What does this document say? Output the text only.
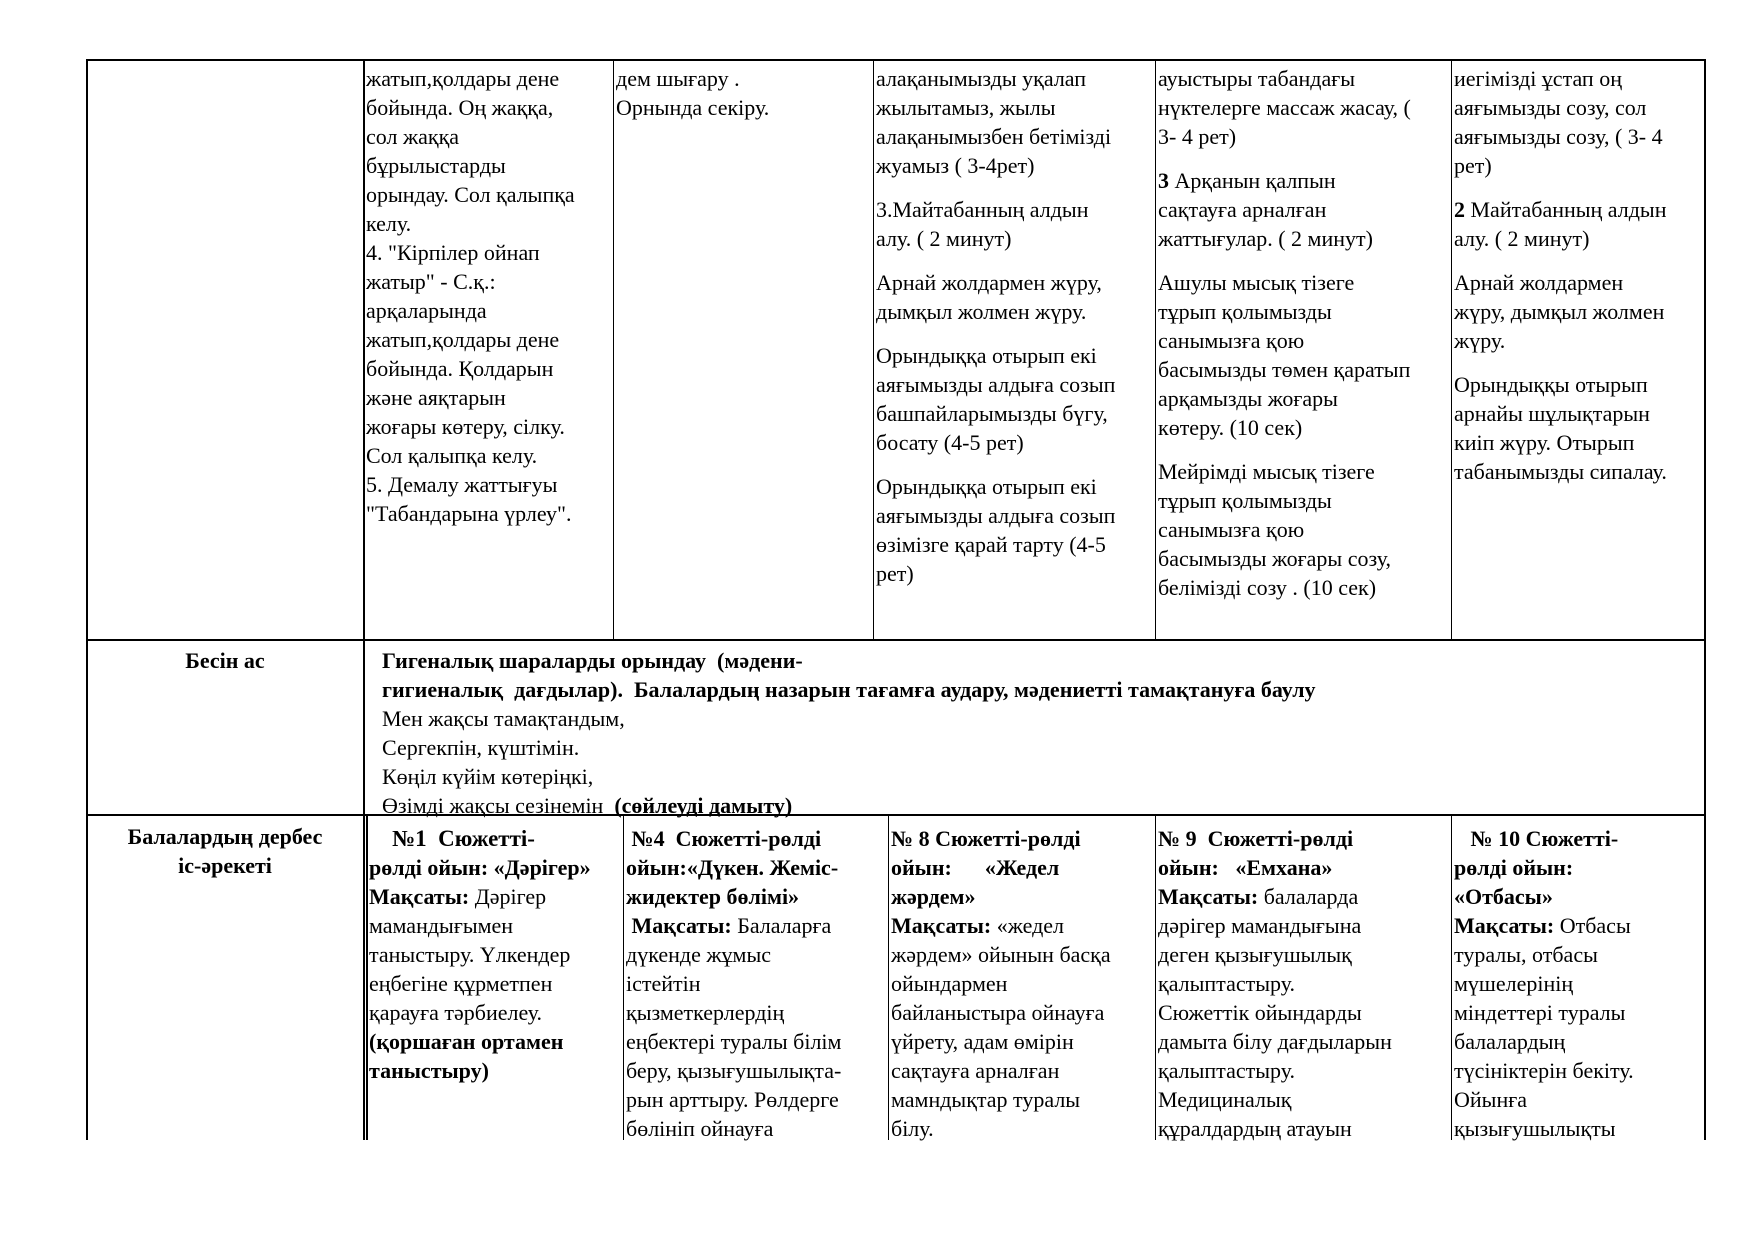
жатып,қолдары дене
бойында. Оң жаққа,
сол жаққа
бұрылыстарды
орындау. Сол қалыпқа
келу.
4. "Кірпілер ойнап
жатыр" - С.қ.:
арқаларында
жатып,қолдары дене
бойында. Қолдарын
және аяқтарын
жоғары көтеру, сілку.
Сол қалыпқа келу.
5. Демалу жаттығуы
"Табандарына үрлеу".
дем шығару .
Орнында секіру.
алақанымызды уқалап
жылытамыз, жылы
алақанымызбен бетімізді
жуамыз ( 3-4рет)
3.Майтабанның алдын
алу. ( 2 минут)
Арнай жолдармен жүру,
дымқыл жолмен жүру.
Орындыққа отырып екі
аяғымызды алдыға созып
башпайларымызды бүгу,
босату (4-5 рет)
Орындыққа отырып екі
аяғымызды алдыға созып
өзімізге қарай тарту (4-5
рет)
ауыстыры табандағы
нүктелерге массаж жасау, (
3- 4 рет)
3 Арқанын қалпын
сақтауға арналған
жаттығулар. ( 2 минут)
Ашулы мысық тізеге
тұрып қолымызды
санымызға қою
басымызды төмен қаратып
арқамызды жоғары
көтеру. (10 сек)
Мейрімді мысық тізеге
тұрып қолымызды
санымызға қою
басымызды жоғары созу,
белімізді созу . (10 сек)
иегімізді ұстап оң
аяғымызды созу, сол
аяғымызды созу, ( 3- 4
рет)
2 Майтабанның алдын
алу. ( 2 минут)
Арнай жолдармен
жүру, дымқыл жолмен
жүру.
Орындыққы отырып
арнайы шұлықтарын
киіп жүру. Отырып
табанымызды сипалау.
Бесін ас	Гигеналық шараларды орындау  (мәдени-
гигиеналық  дағдылар).  Балалардың назарын тағамға аудару, мәдениетті тамақтануға баулу
Мен жақсы тамақтандым,
Сергекпін, күштімін.
Көңіл күйім көтеріңкі,
Өзімді жақсы сезінемін  (сөйлеуді дамыту)
Балалардың дербес
іс-әрекеті
№1  Сюжетті-
рөлді ойын: «Дәрігер»
Мақсаты: Дәрігер
мамандығымен
таныстыру. Үлкендер
еңбегіне құрметпен
қарауға тәрбиелеу.
(қоршаған ортамен
таныстыру)
№4  Сюжетті-рөлді
ойын:«Дүкен. Жеміс-
жидектер бөлімі»
Мақсаты: Балаларға
дүкенде жұмыс
істейтін
қызметкерлердің
еңбектері туралы білім
беру, қызығушылықта-
рын арттыру. Рөлдерге
бөлініп ойнауға
№ 8 Сюжетті-рөлді
ойын:      «Жедел
жәрдем»
Мақсаты: «жедел
жәрдем» ойынын басқа
ойындармен
байланыстыра ойнауға
үйрету, адам өмірін
сақтауға арналған
мамндықтар туралы
білу.
№ 9  Сюжетті-рөлді
ойын:   «Емхана»
Мақсаты: балаларда
дәрігер мамандығына
деген қызығушылық
қалыптастыру.
Сюжеттік ойындарды
дамыта білу дағдыларын
қалыптастыру.
Медициналық
құралдардың атауын
№ 10 Сюжетті-
рөлді ойын:
«Отбасы»
Мақсаты: Отбасы
туралы, отбасы
мүшелерінің
міндеттері туралы
балалардың
түсініктерін бекіту.
Ойынға
қызығушылықты
